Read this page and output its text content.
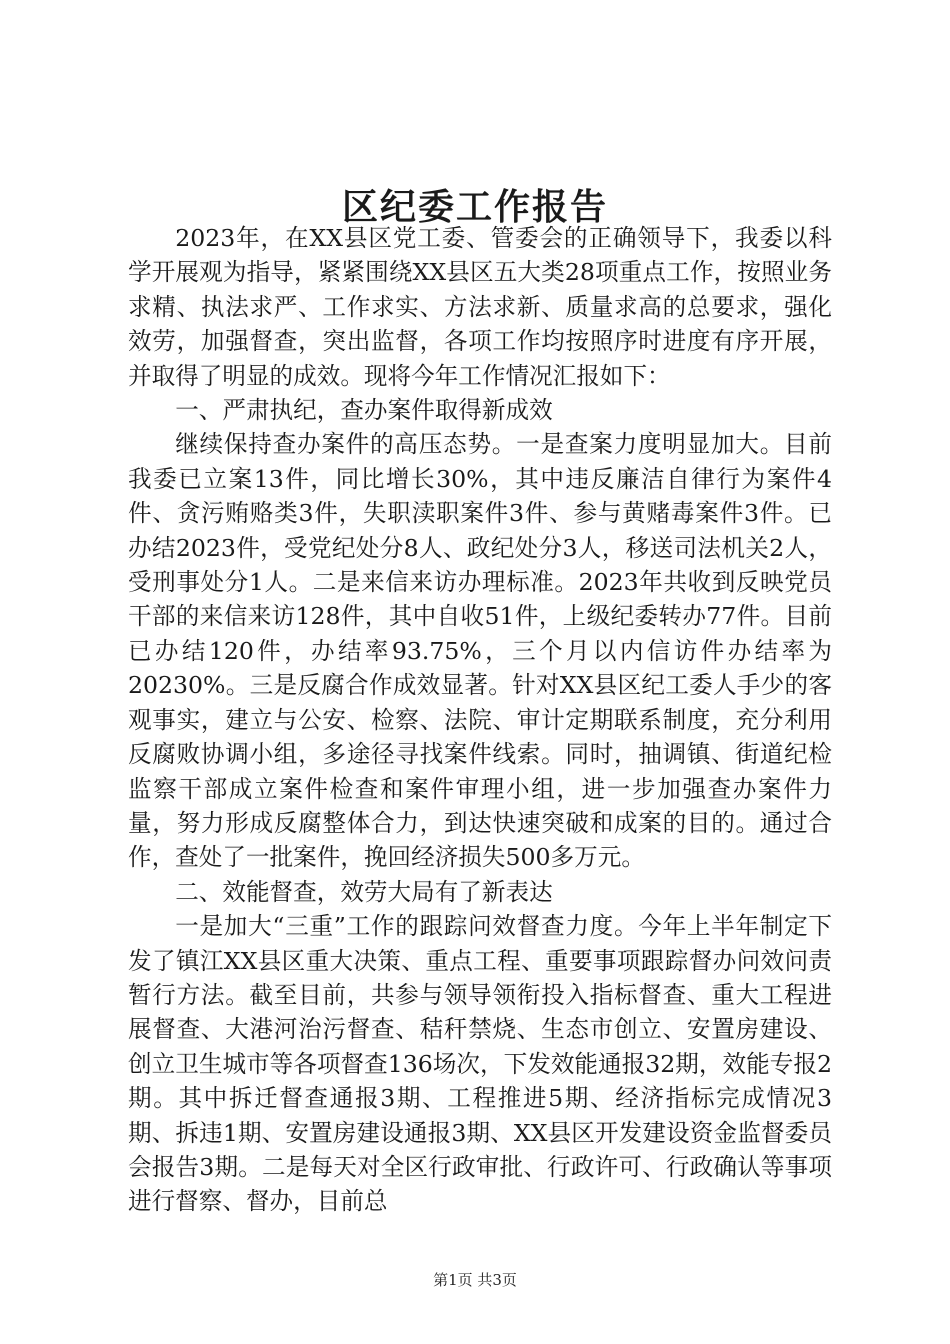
区纪委工作报告

2023年，在XX县区党工委、管委会的正确领导下，我委以科学开展观为指导，紧紧围绕XX县区五大类28项重点工作，按照业务求精、执法求严、工作求实、方法求新、质量求高的总要求，强化效劳，加强督查，突出监督，各项工作均按照序时进度有序开展，并取得了明显的成效。现将今年工作情况汇报如下：

一、严肃执纪，查办案件取得新成效

继续保持查办案件的高压态势。一是查案力度明显加大。目前我委已立案13件，同比增长30%，其中违反廉洁自律行为案件4件、贪污贿赂类3件，失职渎职案件3件、参与黄赌毒案件3件。已办结2023件，受党纪处分8人、政纪处分3人，移送司法机关2人，受刑事处分1人。二是来信来访办理标准。2023年共收到反映党员干部的来信来访128件，其中自收51件，上级纪委转办77件。目前已办结120件，办结率93.75%，三个月以内信访件办结率为20230%。三是反腐合作成效显著。针对XX县区纪工委人手少的客观事实，建立与公安、检察、法院、审计定期联系制度，充分利用反腐败协调小组，多途径寻找案件线索。同时，抽调镇、街道纪检监察干部成立案件检查和案件审理小组，进一步加强查办案件力量，努力形成反腐整体合力，到达快速突破和成案的目的。通过合作，查处了一批案件，挽回经济损失500多万元。

二、效能督查，效劳大局有了新表达

一是加大“三重”工作的跟踪问效督查力度。今年上半年制定下发了镇江XX县区重大决策、重点工程、重要事项跟踪督办问效问责暂行方法。截至目前，共参与领导领衔投入指标督查、重大工程进展督查、大港河治污督查、秸秆禁烧、生态市创立、安置房建设、创立卫生城市等各项督查136场次，下发效能通报32期，效能专报2期。其中拆迁督查通报3期、工程推进5期、经济指标完成情况3期、拆违1期、安置房建设通报3期、XX县区开发建设资金监督委员会报告3期。二是每天对全区行政审批、行政许可、行政确认等事项进行督察、督办，目前总

第1页 共3页
